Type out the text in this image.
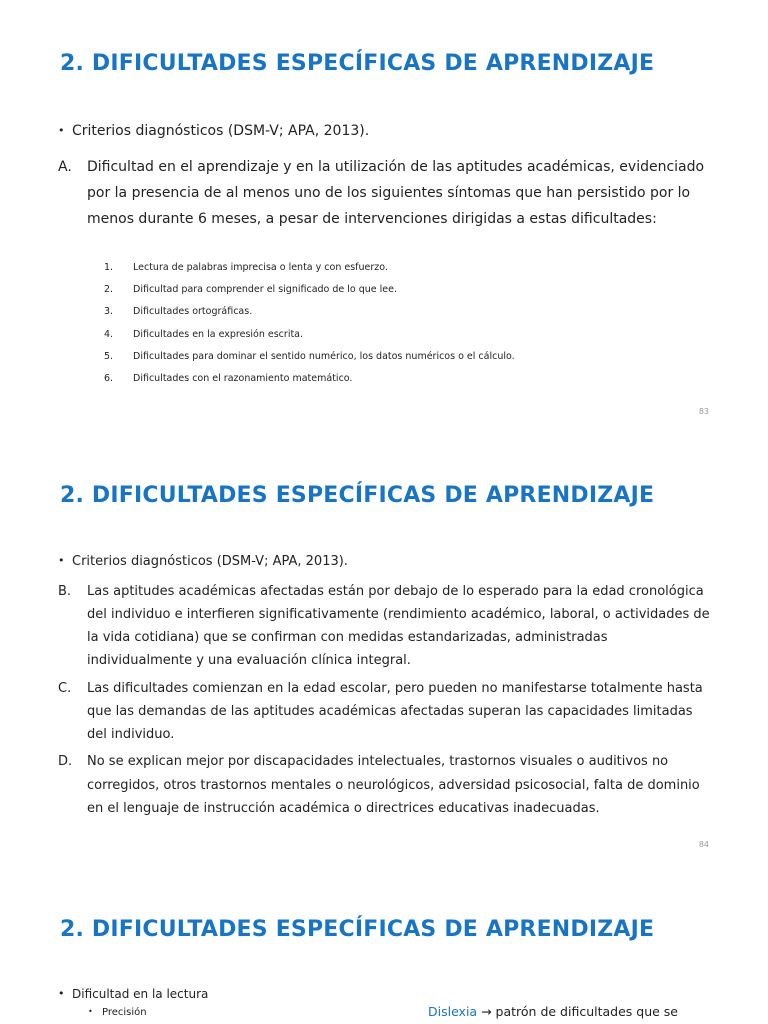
2. DIFICULTADES ESPECÍFICAS DE APRENDIZAJE
• Criterios diagnósticos (DSM-V; APA, 2013).
A. Dificultad en el aprendizaje y en la utilización de las aptitudes académicas, evidenciado por la presencia de al menos uno de los siguientes síntomas que han persistido por lo menos durante 6 meses, a pesar de intervenciones dirigidas a estas dificultades:
1.	Lectura de palabras imprecisa o lenta y con esfuerzo.
2.	Dificultad para comprender el significado de lo que lee.
3.	Dificultades ortográficas.
4.	Dificultades en la expresión escrita.
5.	Dificultades para dominar el sentido numérico, los datos numéricos o el cálculo.
6.	Dificultades con el razonamiento matemático.
83
2. DIFICULTADES ESPECÍFICAS DE APRENDIZAJE
• Criterios diagnósticos (DSM-V; APA, 2013).
B. Las aptitudes académicas afectadas están por debajo de lo esperado para la edad cronológica del individuo e interfieren significativamente (rendimiento académico, laboral, o actividades de la vida cotidiana) que se confirman con medidas estandarizadas, administradas individualmente y una evaluación clínica integral.
C. Las dificultades comienzan en la edad escolar, pero pueden no manifestarse totalmente hasta que las demandas de las aptitudes académicas afectadas superan las capacidades limitadas del individuo.
D. No se explican mejor por discapacidades intelectuales, trastornos visuales o auditivos no corregidos, otros trastornos mentales o neurológicos, adversidad psicosocial, falta de dominio en el lenguaje de instrucción académica o directrices educativas inadecuadas.
84
2. DIFICULTADES ESPECÍFICAS DE APRENDIZAJE
• Dificultad en la lectura
• Precisión	Dislexia → patrón de dificultades que se
